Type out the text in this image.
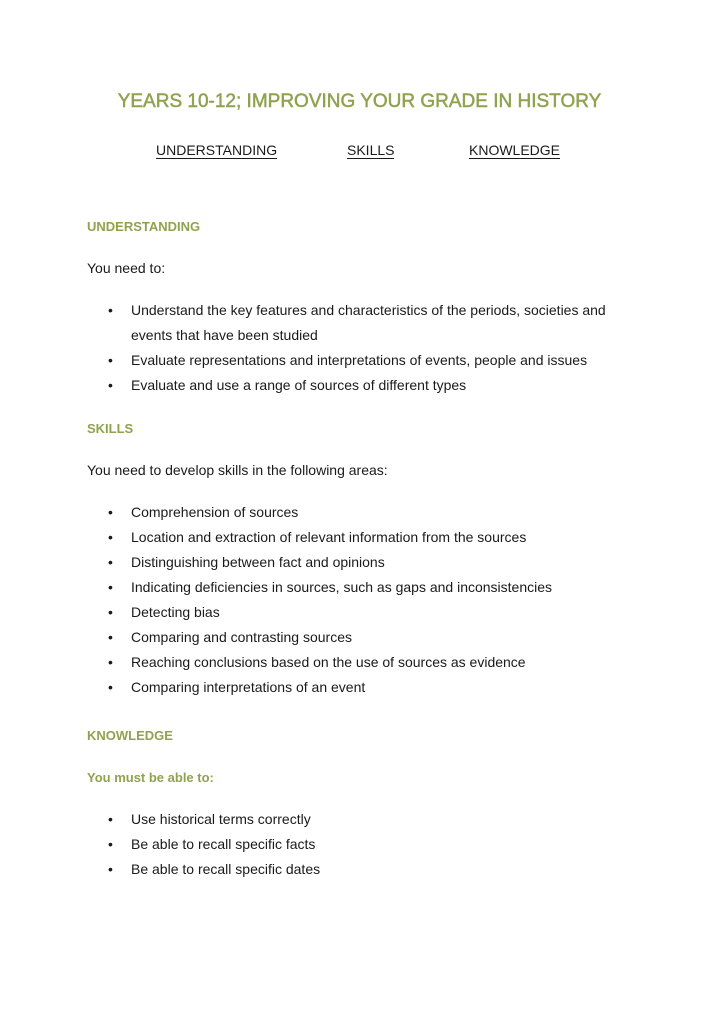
YEARS 10-12; IMPROVING YOUR GRADE IN HISTORY
UNDERSTANDING	SKILLS	KNOWLEDGE
UNDERSTANDING
You need to:
• Understand the key features and characteristics of the periods, societies and events that have been studied
• Evaluate representations and interpretations of events, people and issues
• Evaluate and use a range of sources of different types
SKILLS
You need to develop skills in the following areas:
• Comprehension of sources
• Location and extraction of relevant information from the sources
• Distinguishing between fact and opinions
• Indicating deficiencies in sources, such as gaps and inconsistencies
• Detecting bias
• Comparing and contrasting sources
• Reaching conclusions based on the use of sources as evidence
• Comparing interpretations of an event
KNOWLEDGE
You must be able to:
• Use historical terms correctly
• Be able to recall specific facts
• Be able to recall specific dates
